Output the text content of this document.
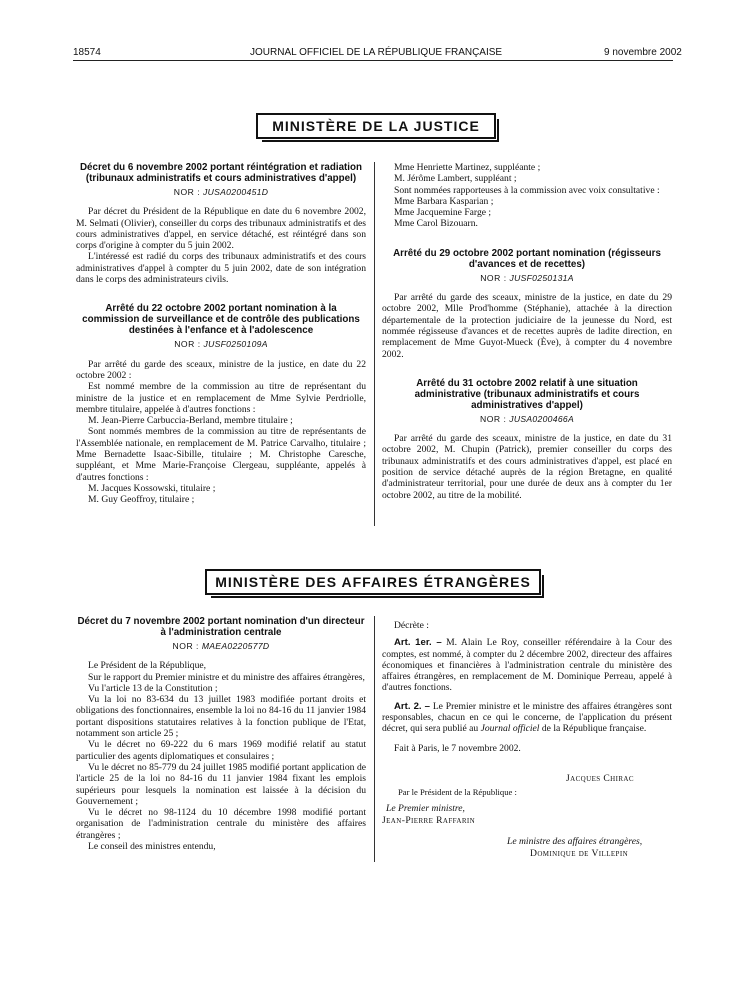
18574	JOURNAL OFFICIEL DE LA RÉPUBLIQUE FRANÇAISE	9 novembre 2002
MINISTÈRE DE LA JUSTICE
Décret du 6 novembre 2002 portant réintégration et radiation (tribunaux administratifs et cours administratives d'appel)
NOR : JUSA0200451D

Par décret du Président de la République en date du 6 novembre 2002, M. Selmati (Olivier), conseiller du corps des tribunaux administratifs et des cours administratives d'appel, en service détaché, est réintégré dans son corps d'origine à compter du 5 juin 2002.

L'intéressé est radié du corps des tribunaux administratifs et des cours administratives d'appel à compter du 5 juin 2002, date de son intégration dans le corps des administrateurs civils.

Arrêté du 22 octobre 2002 portant nomination à la commission de surveillance et de contrôle des publications destinées à l'enfance et à l'adolescence
NOR : JUSF0250109A

Par arrêté du garde des sceaux, ministre de la justice, en date du 22 octobre 2002 :

Est nommé membre de la commission au titre de représentant du ministre de la justice et en remplacement de Mme Sylvie Perdriolle, membre titulaire, appelée à d'autres fonctions :

M. Jean-Pierre Carbuccia-Berland, membre titulaire ;

Sont nommés membres de la commission au titre de représentants de l'Assemblée nationale, en remplacement de M. Patrice Carvalho, titulaire ; Mme Bernadette Isaac-Sibille, titulaire ; M. Christophe Caresche, suppléant, et Mme Marie-Françoise Clergeau, suppléante, appelés à d'autres fonctions :

M. Jacques Kossowski, titulaire ;

M. Guy Geoffroy, titulaire ;

Mme Henriette Martinez, suppléante ;

M. Jérôme Lambert, suppléant ;

Sont nommées rapporteuses à la commission avec voix consultative :

Mme Barbara Kasparian ;

Mme Jacquemine Farge ;

Mme Carol Bizouarn.

Arrêté du 29 octobre 2002 portant nomination (régisseurs d'avances et de recettes)
NOR : JUSF0250131A

Par arrêté du garde des sceaux, ministre de la justice, en date du 29 octobre 2002, Mlle Prod'homme (Stéphanie), attachée à la direction départementale de la protection judiciaire de la jeunesse du Nord, est nommée régisseuse d'avances et de recettes auprès de ladite direction, en remplacement de Mme Guyot-Mueck (Ève), à compter du 4 novembre 2002.

Arrêté du 31 octobre 2002 relatif à une situation administrative (tribunaux administratifs et cours administratives d'appel)
NOR : JUSA0200466A

Par arrêté du garde des sceaux, ministre de la justice, en date du 31 octobre 2002, M. Chupin (Patrick), premier conseiller du corps des tribunaux administratifs et des cours administratives d'appel, est placé en position de service détaché auprès de la région Bretagne, en qualité d'administrateur territorial, pour une durée de deux ans à compter du 1er octobre 2002, au titre de la mobilité.

MINISTÈRE DES AFFAIRES ÉTRANGÈRES
Décret du 7 novembre 2002 portant nomination d'un directeur à l'administration centrale
NOR : MAEA0220577D

Le Président de la République,

Sur le rapport du Premier ministre et du ministre des affaires étrangères,

Vu l'article 13 de la Constitution ;

Vu la loi no 83-634 du 13 juillet 1983 modifiée portant droits et obligations des fonctionnaires, ensemble la loi no 84-16 du 11 janvier 1984 portant dispositions statutaires relatives à la fonction publique de l'Etat, notamment son article 25 ;

Vu le décret no 69-222 du 6 mars 1969 modifié relatif au statut particulier des agents diplomatiques et consulaires ;

Vu le décret no 85-779 du 24 juillet 1985 modifié portant application de l'article 25 de la loi no 84-16 du 11 janvier 1984 fixant les emplois supérieurs pour lesquels la nomination est laissée à la décision du Gouvernement ;

Vu le décret no 98-1124 du 10 décembre 1998 modifié portant organisation de l'administration centrale du ministère des affaires étrangères ;

Le conseil des ministres entendu,

Décrète :

Art. 1er. – M. Alain Le Roy, conseiller référendaire à la Cour des comptes, est nommé, à compter du 2 décembre 2002, directeur des affaires économiques et financières à l'administration centrale du ministère des affaires étrangères, en remplacement de M. Dominique Perreau, appelé à d'autres fonctions.

Art. 2. – Le Premier ministre et le ministre des affaires étrangères sont responsables, chacun en ce qui le concerne, de l'application du présent décret, qui sera publié au Journal officiel de la République française.

Fait à Paris, le 7 novembre 2002.

Jacques Chirac
Par le Président de la République :
Le Premier ministre,
Jean-Pierre Raffarin
Le ministre des affaires étrangères,
Dominique de Villepin
